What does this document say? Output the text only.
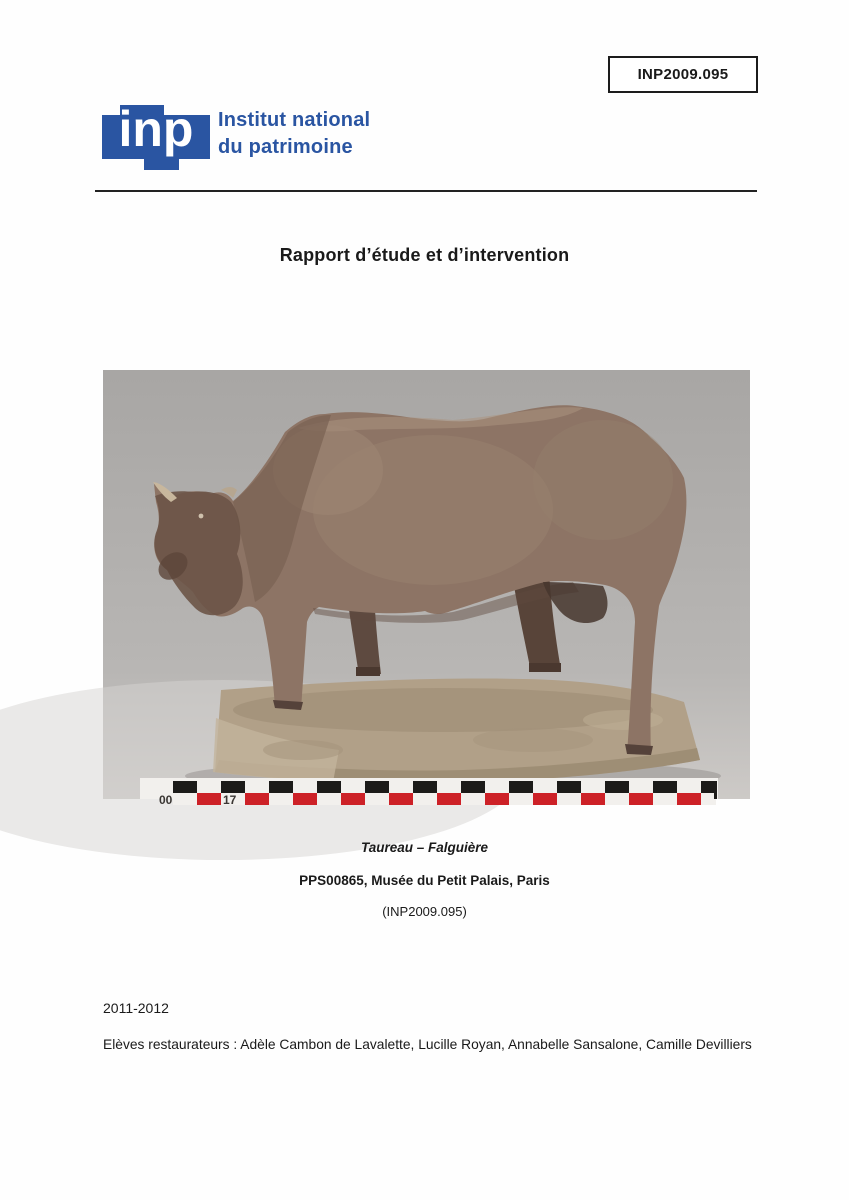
INP2009.095
inp	Institut national
du patrimoine
Rapport d’étude et d’intervention
00	17
Taureau – Falguière
PPS00865, Musée du Petit Palais, Paris
(INP2009.095)
2011-2012
Elèves restaurateurs : Adèle Cambon de Lavalette, Lucille Royan, Annabelle Sansalone, Camille Devilliers
